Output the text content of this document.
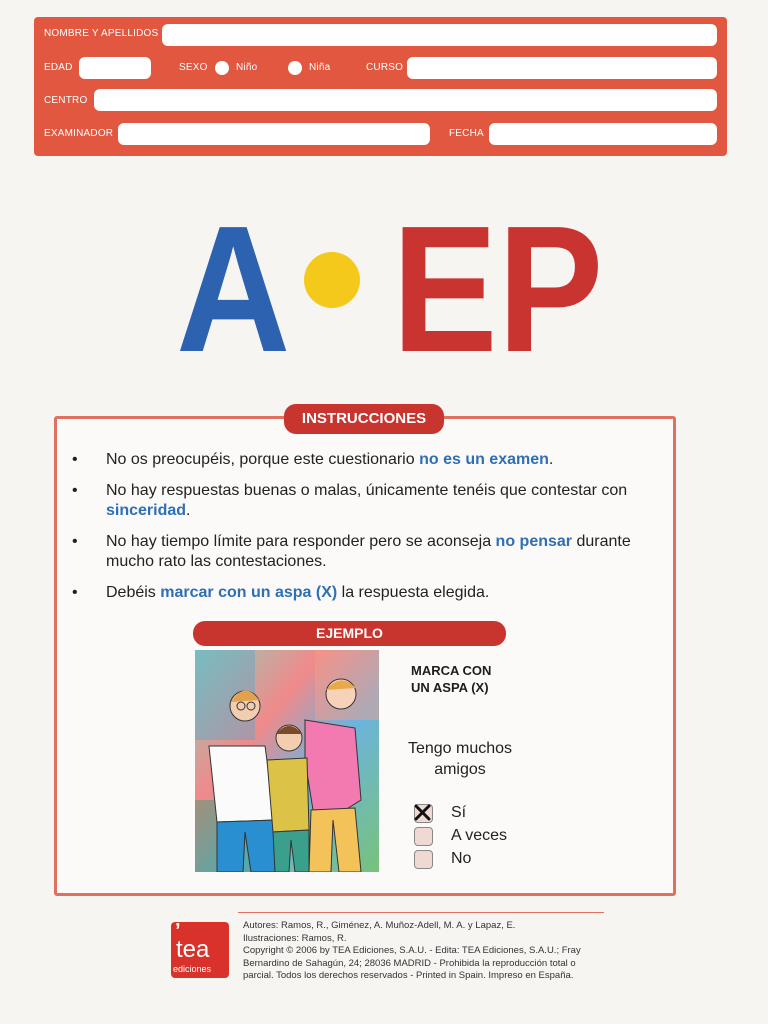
NOMBRE Y APELLIDOS
EDAD	SEXO	Niño	Niña	CURSO
CENTRO
EXAMINADOR	FECHA
A EP
INSTRUCCIONES
• No os preocupéis, porque este cuestionario no es un examen.
• No hay respuestas buenas o malas, únicamente tenéis que contestar con sinceridad.
• No hay tiempo límite para responder pero se aconseja no pensar durante mucho rato las contestaciones.
• Debéis marcar con un aspa (X) la respuesta elegida.
EJEMPLO
MARCA CON
UN ASPA (X)
Tengo muchos amigos
Sí
A veces
No
’
tea
ediciones
Autores: Ramos, R., Giménez, A. Muñoz-Adell, M. A. y Lapaz, E.
Ilustraciones: Ramos, R.
Copyright © 2006 by TEA Ediciones, S.A.U. - Edita: TEA Ediciones, S.A.U.; Fray
Bernardino de Sahagún, 24; 28036 MADRID - Prohibida la reproducción total o
parcial. Todos los derechos reservados - Printed in Spain. Impreso en España.
